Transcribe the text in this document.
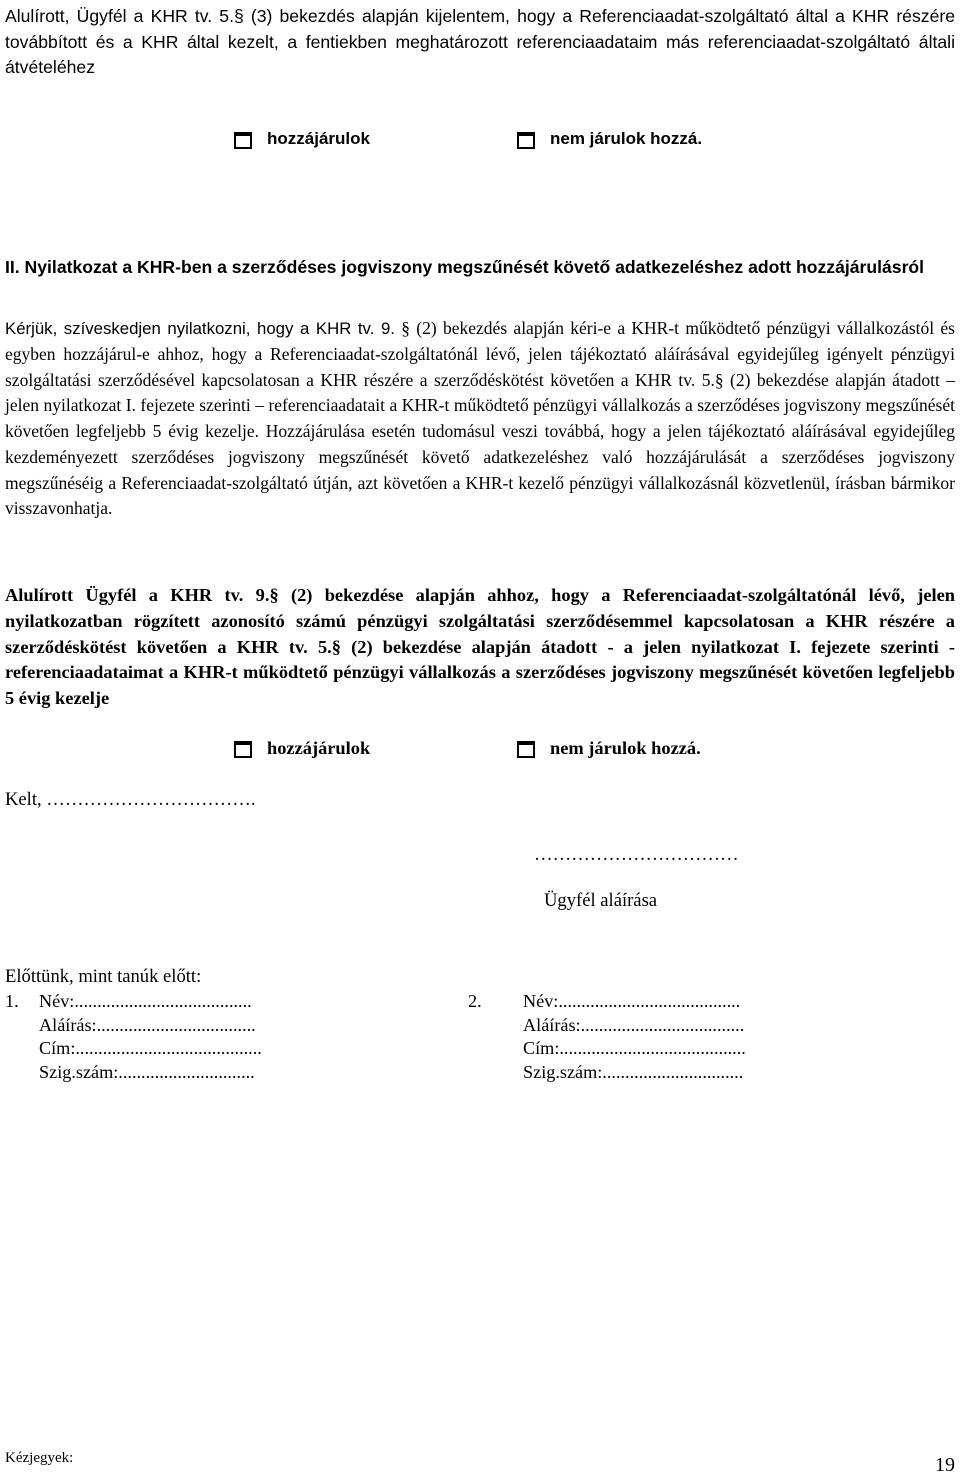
Alulírott, Ügyfél a KHR tv. 5.§ (3) bekezdés alapján kijelentem, hogy a Referenciaadat-szolgáltató által a KHR részére továbbított és a KHR által kezelt, a fentiekben meghatározott referenciaadataim más referenciaadat-szolgáltató általi átvételéhez

hozzájárulok	nem járulok hozzá.

II. Nyilatkozat a KHR-ben a szerződéses jogviszony megszűnését követő adatkezeléshez adott hozzájárulásról

Kérjük, szíveskedjen nyilatkozni, hogy a KHR tv. 9. § (2) bekezdés alapján kéri-e a KHR-t működtető pénzügyi vállalkozástól és egyben hozzájárul-e ahhoz, hogy a Referenciaadat-szolgáltatónál lévő, jelen tájékoztató aláírásával egyidejűleg igényelt pénzügyi szolgáltatási szerződésével kapcsolatosan a KHR részére a szerződéskötést követően a KHR tv. 5.§ (2) bekezdése alapján átadott – jelen nyilatkozat I. fejezete szerinti – referenciaadatait a KHR-t működtető pénzügyi vállalkozás a szerződéses jogviszony megszűnését követően legfeljebb 5 évig kezelje. Hozzájárulása esetén tudomásul veszi továbbá, hogy a jelen tájékoztató aláírásával egyidejűleg kezdeményezett szerződéses jogviszony megszűnését követő adatkezeléshez való hozzájárulását a szerződéses jogviszony megszűnéséig a Referenciaadat-szolgáltató útján, azt követően a KHR-t kezelő pénzügyi vállalkozásnál közvetlenül, írásban bármikor visszavonhatja.

Alulírott Ügyfél a KHR tv. 9.§ (2) bekezdése alapján ahhoz, hogy a Referenciaadat-szolgáltatónál lévő, jelen nyilatkozatban rögzített azonosító számú pénzügyi szolgáltatási szerződésemmel kapcsolatosan a KHR részére a szerződéskötést követően a KHR tv. 5.§ (2) bekezdése alapján átadott - a jelen nyilatkozat I. fejezete szerinti - referenciaadataimat a KHR-t működtető pénzügyi vállalkozás a szerződéses jogviszony megszűnését követően legfeljebb 5 évig kezelje

hozzájárulok	nem járulok hozzá.
Kelt, …………………………….
……………………………
Ügyfél aláírása
Előttünk, mint tanúk előtt:
1. Név:.......................................
Aláírás:...................................
Cím:.........................................
Szig.szám:..............................
2. Név:........................................
Aláírás:....................................
Cím:.........................................
Szig.szám:...............................
Kézjegyek:	19
